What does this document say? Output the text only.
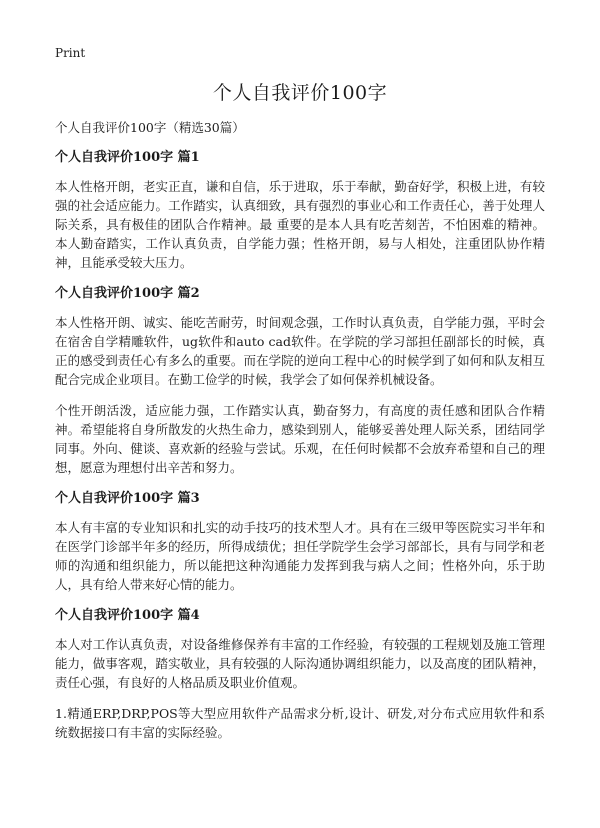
Print
个人自我评价100字

个人自我评价100字（精选30篇）

个人自我评价100字 篇1

本人性格开朗，老实正直，谦和自信，乐于进取，乐于奉献，勤奋好学，积极上进，有较强的社会适应能力。工作踏实，认真细致，具有强烈的事业心和工作责任心，善于处理人际关系，具有极佳的团队合作精神。最 重要的是本人具有吃苦刻苦，不怕困难的精神。本人勤奋踏实，工作认真负责，自学能力强；性格开朗，易与人相处，注重团队协作精神，且能承受较大压力。

个人自我评价100字 篇2

本人性格开朗、诚实、能吃苦耐劳，时间观念强，工作时认真负责，自学能力强，平时会在宿舍自学精雕软件，ug软件和auto cad软件。在学院的学习部担任副部长的时候，真正的感受到责任心有多么的重要。而在学院的逆向工程中心的时候学到了如何和队友相互配合完成企业项目。在勤工俭学的时候，我学会了如何保养机械设备。

个性开朗活泼，适应能力强，工作踏实认真，勤奋努力，有高度的责任感和团队合作精神。希望能将自身所散发的火热生命力，感染到别人，能够妥善处理人际关系，团结同学同事。外向、健谈、喜欢新的经验与尝试。乐观，在任何时候都不会放弃希望和自己的理想，愿意为理想付出辛苦和努力。

个人自我评价100字 篇3

本人有丰富的专业知识和扎实的动手技巧的技术型人才。具有在三级甲等医院实习半年和在医学门诊部半年多的经历，所得成绩优；担任学院学生会学习部部长，具有与同学和老师的沟通和组织能力，所以能把这种沟通能力发挥到我与病人之间；性格外向，乐于助人，具有给人带来好心情的能力。

个人自我评价100字 篇4

本人对工作认真负责，对设备维修保养有丰富的工作经验，有较强的工程规划及施工管理能力，做事客观，踏实敬业，具有较强的人际沟通协调组织能力，以及高度的团队精神，责任心强，有良好的人格品质及职业价值观。

1.精通ERP,DRP,POS等大型应用软件产品需求分析,设计、研发,对分布式应用软件和系统数据接口有丰富的实际经验。
